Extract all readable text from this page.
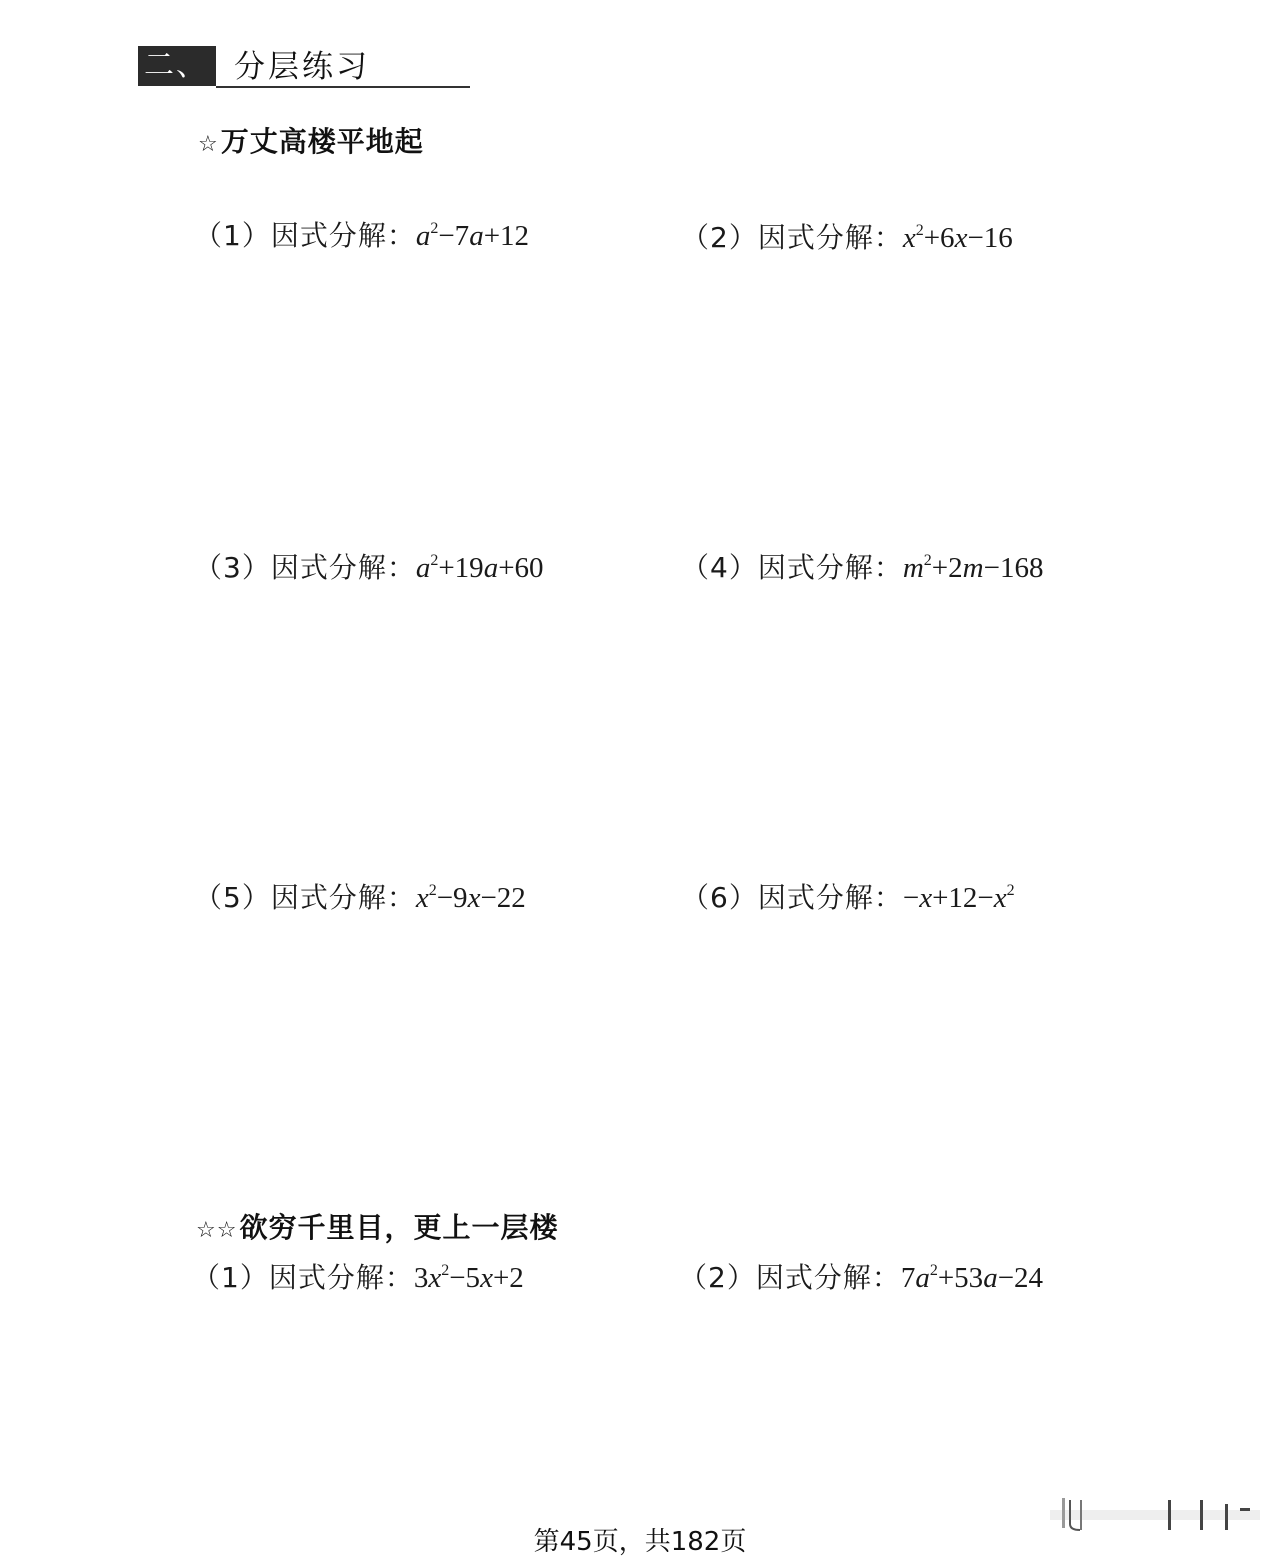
二、 分层练习
☆万丈高楼平地起
（1）因式分解：$a^2-7a+12$	（2）因式分解：$x^2+6x-16$
（3）因式分解：$a^2+19a+60$	（4）因式分解：$m^2+2m-168$
（5）因式分解：$x^2-9x-22$	（6）因式分解：$-x+12-x^2$
☆☆欲穷千里目，更上一层楼
（1）因式分解：$3x^2-5x+2$	（2）因式分解：$7a^2+53a-24$
第45页，共182页
